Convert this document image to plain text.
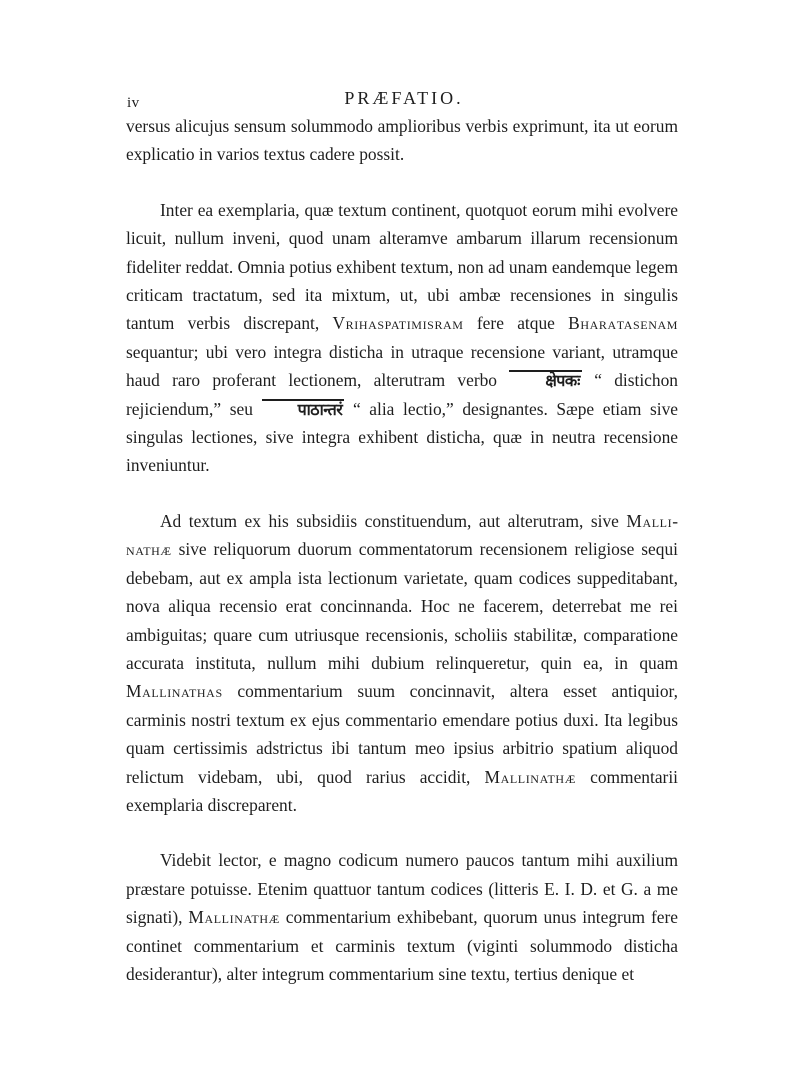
iv	PRÆFATIO.

versus alicujus sensum solummodo amplioribus verbis exprimunt, ita ut eorum explicatio in varios textus cadere possit.

Inter ea exemplaria, quæ textum continent, quotquot eorum mihi evolvere licuit, nullum inveni, quod unam alteramve ambarum illarum recensionum fideliter reddat. Omnia potius exhibent textum, non ad unam eandemque legem criticam tractatum, sed ita mixtum, ut, ubi ambæ recensiones in singulis tantum verbis discrepant, Vrihaspatimisram fere atque Bharatasenam sequantur; ubi vero integra disticha in utraque recensione variant, utramque haud raro proferant lectionem, alterutram verbo क्षेपकः “ distichon rejiciendum,” seu पाठान्तरं “ alia lectio,” designantes. Sæpe etiam sive singulas lectiones, sive integra exhibent disticha, quæ in neutra recensione inveniuntur.

Ad textum ex his subsidiis constituendum, aut alterutram, sive Mallinathæ sive reliquorum duorum commentatorum recensionem religiose sequi debebam, aut ex ampla ista lectionum varietate, quam codices suppeditabant, nova aliqua recensio erat concinnanda. Hoc ne facerem, deterrebat me rei ambiguitas; quare cum utriusque recensionis, scholiis stabilitæ, comparatione accurata instituta, nullum mihi dubium relinqueretur, quin ea, in quam Mallinathas commentarium suum concinnavit, altera esset antiquior, carminis nostri textum ex ejus commentario emendare potius duxi. Ita legibus quam certissimis adstrictus ibi tantum meo ipsius arbitrio spatium aliquod relictum videbam, ubi, quod rarius accidit, Mallinathæ commentarii exemplaria discreparent.

Videbit lector, e magno codicum numero paucos tantum mihi auxilium præstare potuisse. Etenim quattuor tantum codices (litteris E. I. D. et G. a me signati), Mallinathæ commentarium exhibebant, quorum unus integrum fere continet commentarium et carminis textum (viginti solummodo disticha desiderantur), alter integrum commentarium sine textu, tertius denique et
